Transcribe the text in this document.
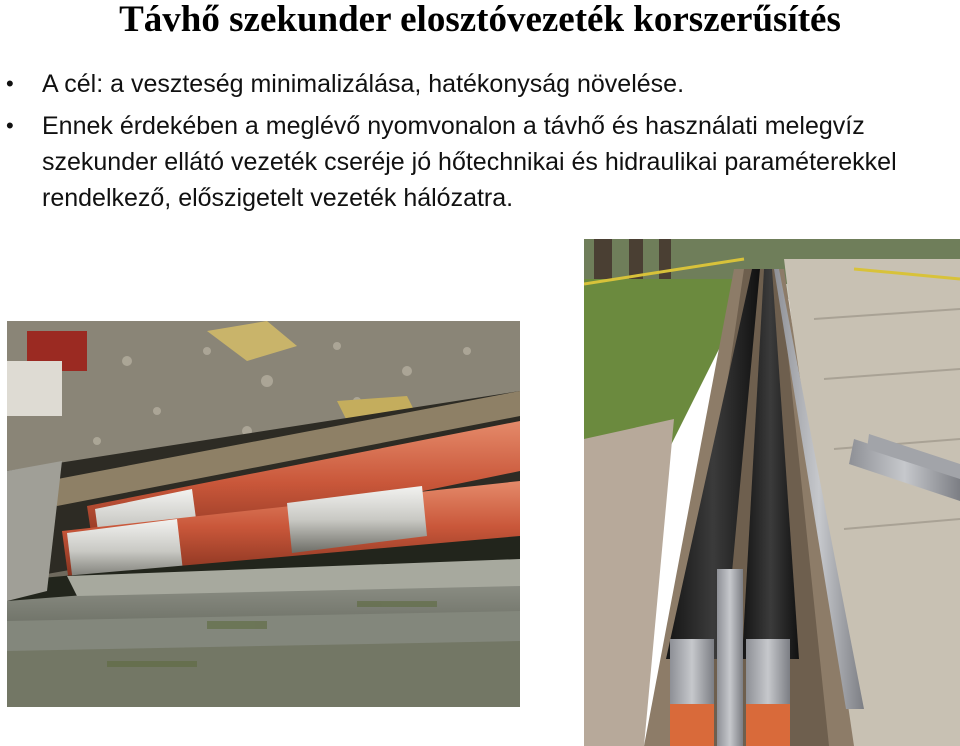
Távhő szekunder elosztóvezeték korszerűsítés
• A cél: a veszteség minimalizálása, hatékonyság növelése.
• Ennek érdekében a meglévő nyomvonalon a távhő és használati melegvíz szekunder ellátó vezeték cseréje jó hőtechnikai és hidraulikai paraméterekkel rendelkező, előszigetelt vezeték hálózatra.
